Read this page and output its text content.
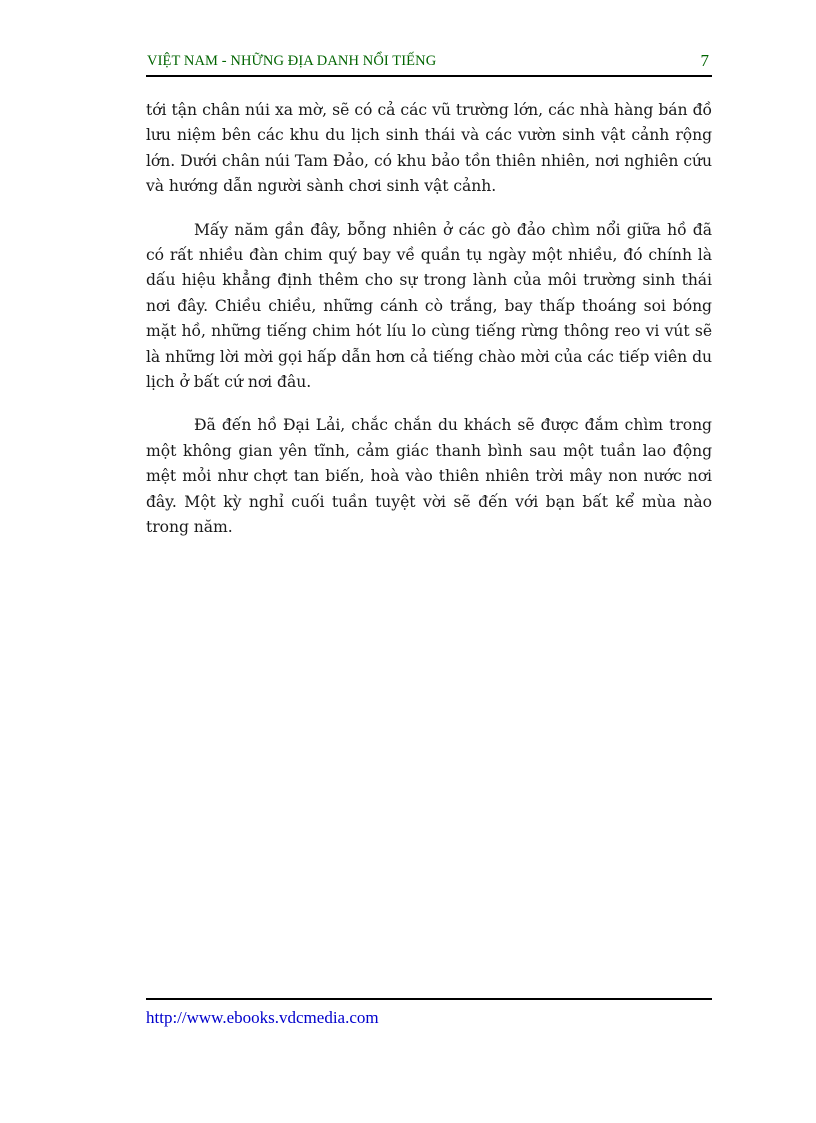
VIỆT NAM - NHỮNG ĐỊA DANH NỔI TIẾNG	7

tới tận chân núi xa mờ, sẽ có cả các vũ trường lớn, các nhà hàng bán đồ lưu niệm bên các khu du lịch sinh thái và các vườn sinh vật cảnh rộng lớn. Dưới chân núi Tam Đảo, có khu bảo tồn thiên nhiên, nơi nghiên cứu và hướng dẫn người sành chơi sinh vật cảnh.

Mấy năm gần đây, bỗng nhiên ở các gò đảo chìm nổi giữa hồ đã có rất nhiều đàn chim quý bay về quần tụ ngày một nhiều, đó chính là dấu hiệu khẳng định thêm cho sự trong lành của môi trường sinh thái nơi đây. Chiều chiều, những cánh cò trắng, bay thấp thoáng soi bóng mặt hồ, những tiếng chim hót líu lo cùng tiếng rừng thông reo vi vút sẽ là những lời mời gọi hấp dẫn hơn cả tiếng chào mời của các tiếp viên du lịch ở bất cứ nơi đâu.

Đã đến hồ Đại Lải, chắc chắn du khách sẽ được đắm chìm trong một không gian yên tĩnh, cảm giác thanh bình sau một tuần lao động mệt mỏi như chợt tan biến, hoà vào thiên nhiên trời mây non nước nơi đây. Một kỳ nghỉ cuối tuần tuyệt vời sẽ đến với bạn bất kể mùa nào trong năm.

http://www.ebooks.vdcmedia.com
